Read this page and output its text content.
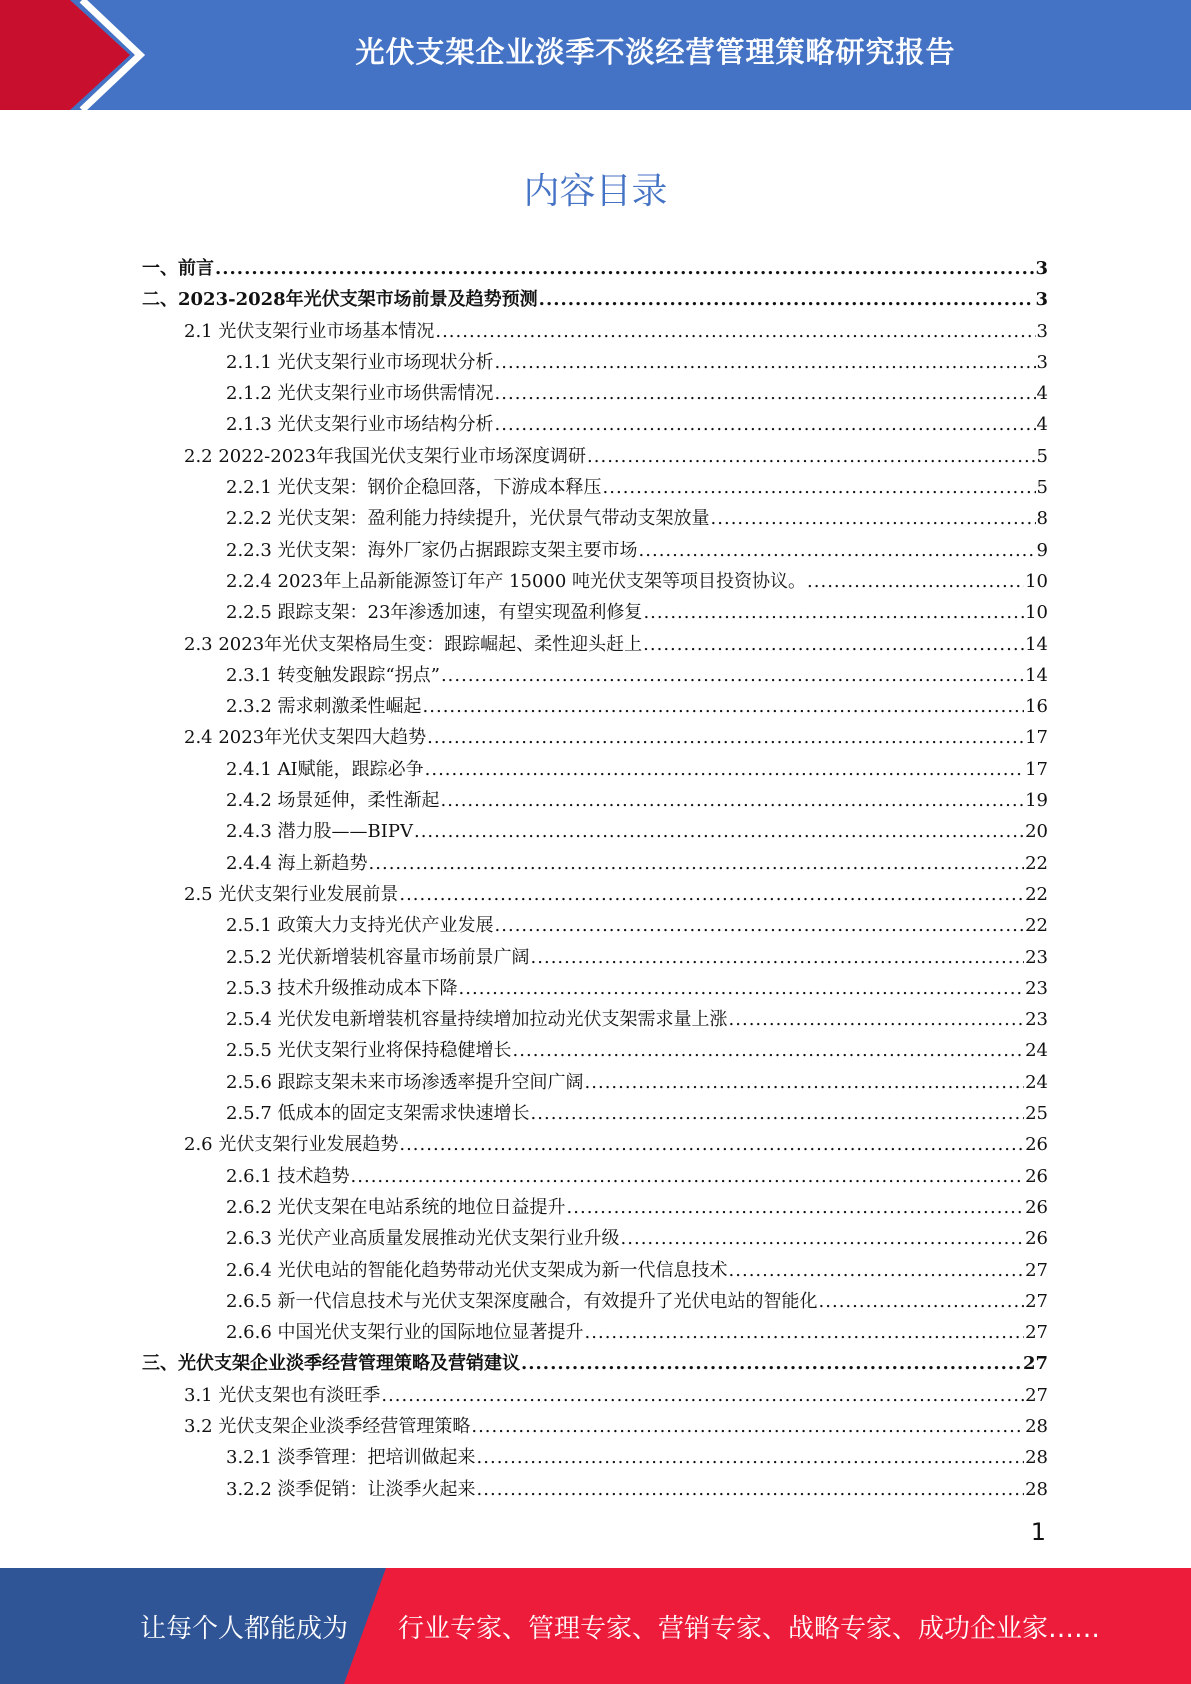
光伏支架企业淡季不淡经营管理策略研究报告
内容目录
一、前言 .....	3
二、2023-2028年光伏支架市场前景及趋势预测 .....	3
2.1 光伏支架行业市场基本情况 .....	3
2.1.1 光伏支架行业市场现状分析 .....	3
2.1.2 光伏支架行业市场供需情况 .....	4
2.1.3 光伏支架行业市场结构分析 .....	4
2.2 2022-2023年我国光伏支架行业市场深度调研 .....	5
2.2.1 光伏支架：钢价企稳回落，下游成本释压 .....	5
2.2.2 光伏支架：盈利能力持续提升，光伏景气带动支架放量 .....	8
2.2.3 光伏支架：海外厂家仍占据跟踪支架主要市场 .....	9
2.2.4 2023年上品新能源签订年产 15000 吨光伏支架等项目投资协议。 .....	10
2.2.5 跟踪支架：23年渗透加速，有望实现盈利修复 .....	10
2.3 2023年光伏支架格局生变：跟踪崛起、柔性迎头赶上 .....	14
2.3.1 转变触发跟踪“拐点” .....	14
2.3.2 需求刺激柔性崛起 .....	16
2.4 2023年光伏支架四大趋势 .....	17
2.4.1 AI赋能，跟踪必争 .....	17
2.4.2 场景延伸，柔性渐起 .....	19
2.4.3 潜力股——BIPV .....	20
2.4.4 海上新趋势 .....	22
2.5 光伏支架行业发展前景 .....	22
2.5.1 政策大力支持光伏产业发展 .....	22
2.5.2 光伏新增装机容量市场前景广阔 .....	23
2.5.3 技术升级推动成本下降 .....	23
2.5.4 光伏发电新增装机容量持续增加拉动光伏支架需求量上涨 .....	23
2.5.5 光伏支架行业将保持稳健增长 .....	24
2.5.6 跟踪支架未来市场渗透率提升空间广阔 .....	24
2.5.7 低成本的固定支架需求快速增长 .....	25
2.6 光伏支架行业发展趋势 .....	26
2.6.1 技术趋势 .....	26
2.6.2 光伏支架在电站系统的地位日益提升 .....	26
2.6.3 光伏产业高质量发展推动光伏支架行业升级 .....	26
2.6.4 光伏电站的智能化趋势带动光伏支架成为新一代信息技术 .....	27
2.6.5 新一代信息技术与光伏支架深度融合，有效提升了光伏电站的智能化 .....	27
2.6.6 中国光伏支架行业的国际地位显著提升 .....	27
三、光伏支架企业淡季经营管理策略及营销建议 .....	27
3.1 光伏支架也有淡旺季 .....	27
3.2 光伏支架企业淡季经营管理策略 .....	28
3.2.1 淡季管理：把培训做起来 .....	28
3.2.2 淡季促销：让淡季火起来 .....	28
1
让每个人都能成为 行业专家、管理专家、营销专家、战略专家、成功企业家……
